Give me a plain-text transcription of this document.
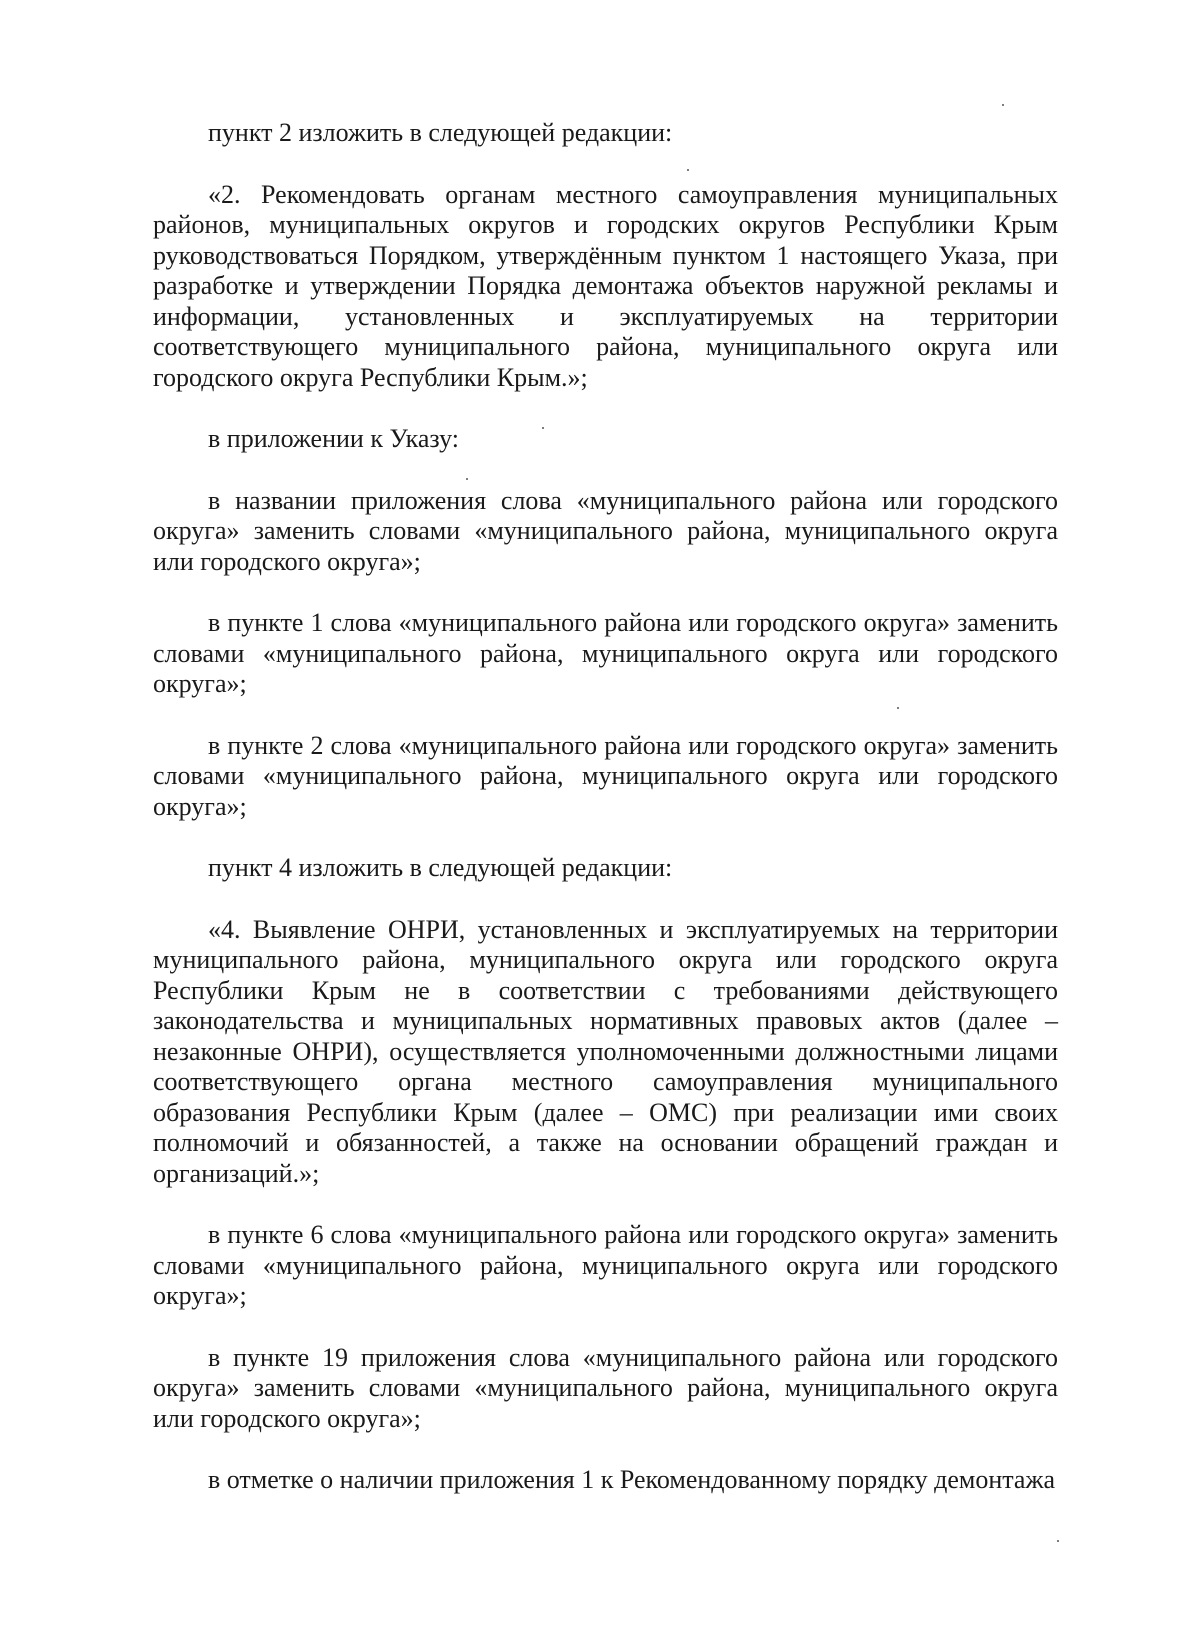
пункт 2 изложить в следующей редакции:

«2. Рекомендовать органам местного самоуправления муниципальных районов, муниципальных округов и городских округов Республики Крым руководствоваться Порядком, утверждённым пунктом 1 настоящего Указа, при разработке и утверждении Порядка демонтажа объектов наружной рекламы и информации, установленных и эксплуатируемых на территории соответствующего муниципального района, муниципального округа или городского округа Республики Крым.»;

в приложении к Указу:

в названии приложения слова «муниципального района или городского округа» заменить словами «муниципального района, муниципального округа или городского округа»;

в пункте 1 слова «муниципального района или городского округа» заменить словами «муниципального района, муниципального округа или городского округа»;

в пункте 2 слова «муниципального района или городского округа» заменить словами «муниципального района, муниципального округа или городского округа»;

пункт 4 изложить в следующей редакции:

«4. Выявление ОНРИ, установленных и эксплуатируемых на территории муниципального района, муниципального округа или городского округа Республики Крым не в соответствии с требованиями действующего законодательства и муниципальных нормативных правовых актов (далее – незаконные ОНРИ), осуществляется уполномоченными должностными лицами соответствующего органа местного самоуправления муниципального образования Республики Крым (далее – ОМС) при реализации ими своих полномочий и обязанностей, а также на основании обращений граждан и организаций.»;

в пункте 6 слова «муниципального района или городского округа» заменить словами «муниципального района, муниципального округа или городского округа»;

в пункте 19 приложения слова «муниципального района или городского округа» заменить словами «муниципального района, муниципального округа или городского округа»;

в отметке о наличии приложения 1 к Рекомендованному порядку демонтажа
